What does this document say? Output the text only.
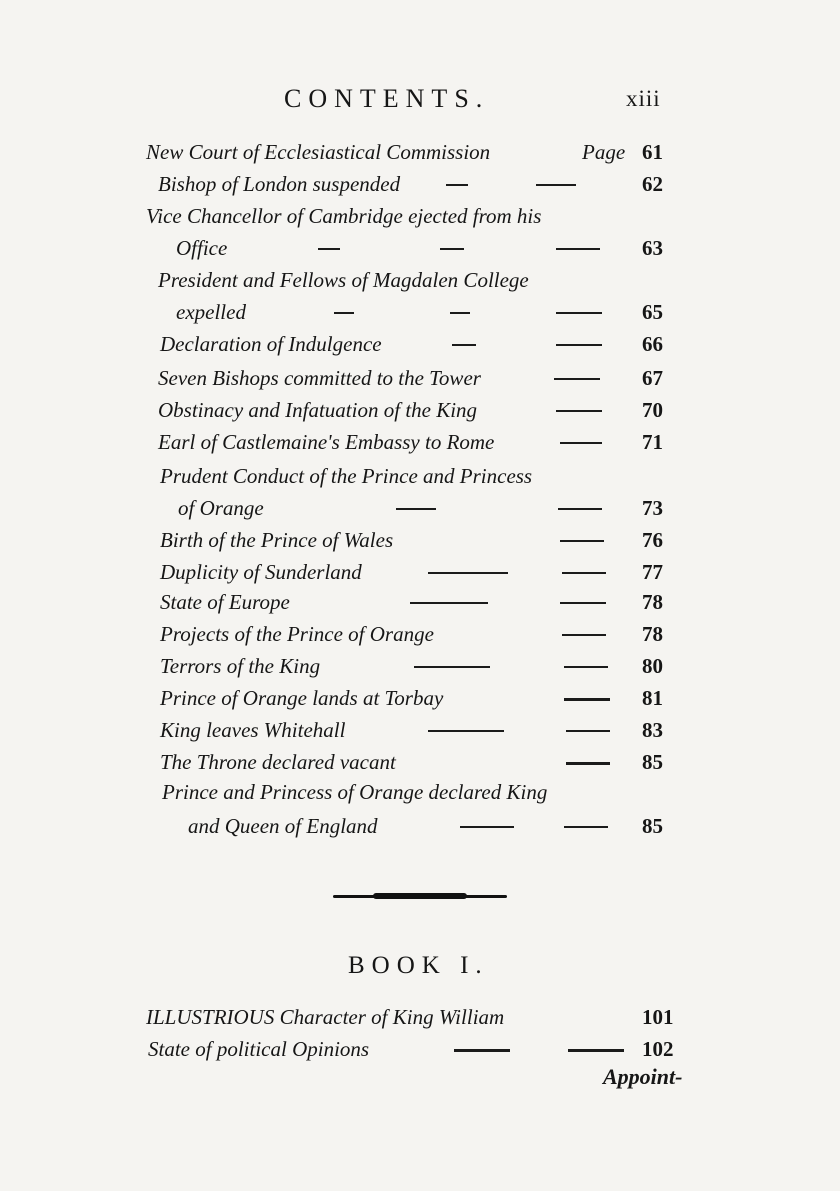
CONTENTS.	xiii
New Court of Ecclesiastical Commission	Page 61
Bishop of London suspended	62
Vice Chancellor of Cambridge ejected from his
Office	63
President and Fellows of Magdalen College
expelled	65
Declaration of Indulgence	66
Seven Bishops committed to the Tower	67
Obstinacy and Infatuation of the King	70
Earl of Castlemaine's Embassy to Rome	71
Prudent Conduct of the Prince and Princess
of Orange	73
Birth of the Prince of Wales	76
Duplicity of Sunderland	77
State of Europe	78
Projects of the Prince of Orange	78
Terrors of the King	80
Prince of Orange lands at Torbay	81
King leaves Whitehall	83
The Throne declared vacant	85
Prince and Princess of Orange declared King
and Queen of England	85
BOOK I.
ILLUSTRIOUS Character of King William	101
State of political Opinions	102
Appoint-
